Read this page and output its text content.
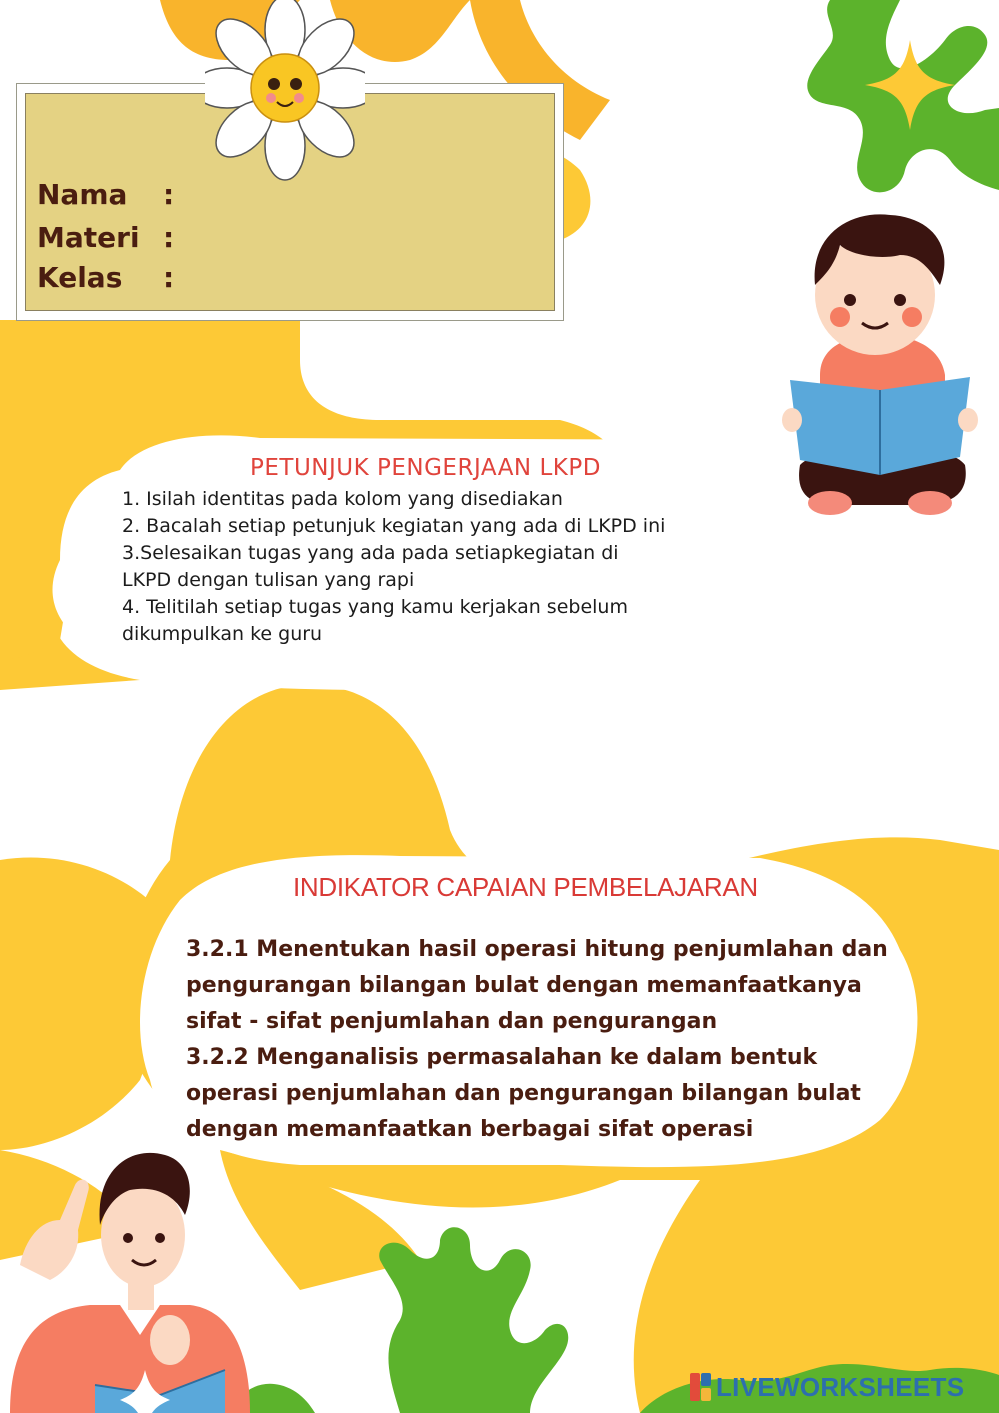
Nama :
Materi :
Kelas :
PETUNJUK PENGERJAAN LKPD
1. Isilah identitas pada kolom yang disediakan
2. Bacalah setiap petunjuk kegiatan yang ada di LKPD ini
3.Selesaikan tugas yang ada pada setiapkegiatan di
LKPD dengan tulisan yang rapi
4. Telitilah setiap tugas yang kamu kerjakan sebelum
dikumpulkan ke guru
INDIKATOR CAPAIAN PEMBELAJARAN
3.2.1 Menentukan hasil operasi hitung penjumlahan dan
pengurangan bilangan bulat dengan memanfaatkanya
sifat - sifat penjumlahan dan pengurangan
3.2.2 Menganalisis permasalahan ke dalam bentuk
operasi penjumlahan dan pengurangan bilangan bulat
dengan memanfaatkan berbagai sifat operasi
LIVEWORKSHEETS
